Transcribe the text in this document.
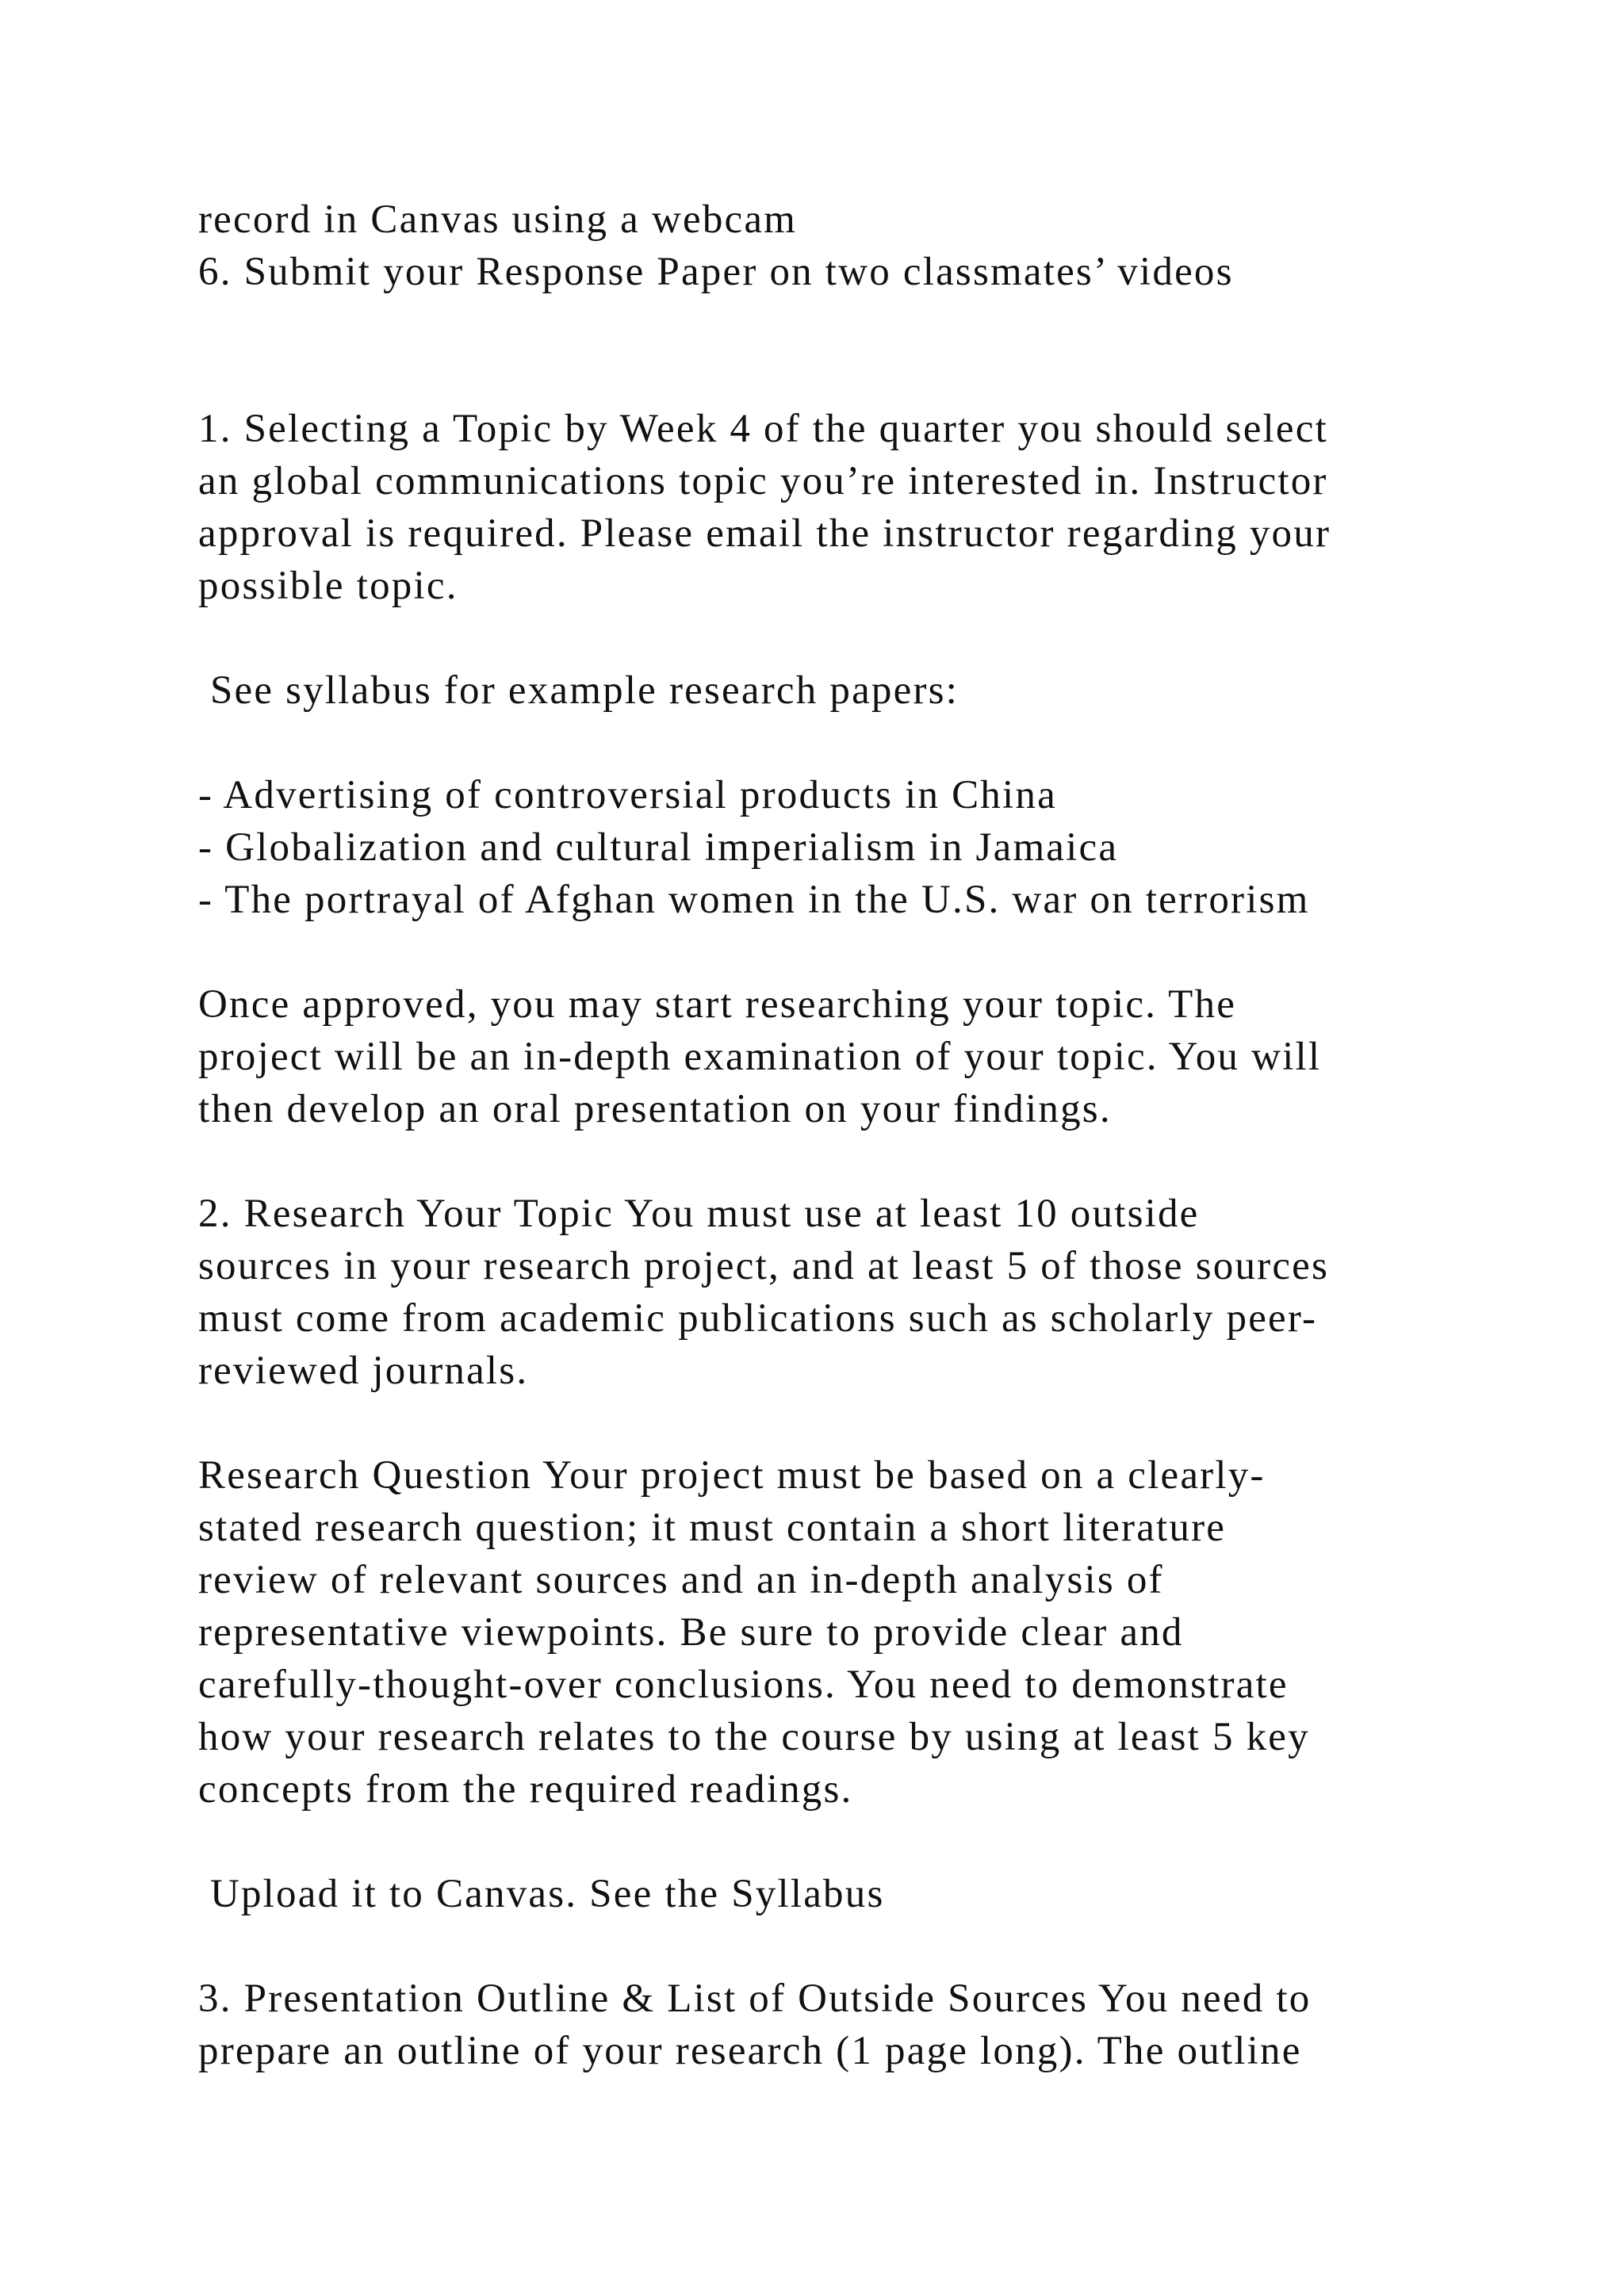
record in Canvas using a webcam
6. Submit your Response Paper on two classmates’ videos
1. Selecting a Topic by Week 4 of the quarter you should select
an global communications topic you’re interested in. Instructor
approval is required. Please email the instructor regarding your
possible topic.
See syllabus for example research papers:
- Advertising of controversial products in China
- Globalization and cultural imperialism in Jamaica
- The portrayal of Afghan women in the U.S. war on terrorism
Once approved, you may start researching your topic. The
project will be an in-depth examination of your topic. You will
then develop an oral presentation on your findings.
2. Research Your Topic You must use at least 10 outside
sources in your research project, and at least 5 of those sources
must come from academic publications such as scholarly peer-
reviewed journals.
Research Question Your project must be based on a clearly-
stated research question; it must contain a short literature
review of relevant sources and an in-depth analysis of
representative viewpoints. Be sure to provide clear and
carefully-thought-over conclusions. You need to demonstrate
how your research relates to the course by using at least 5 key
concepts from the required readings.
Upload it to Canvas. See the Syllabus
3. Presentation Outline & List of Outside Sources You need to
prepare an outline of your research (1 page long). The outline
